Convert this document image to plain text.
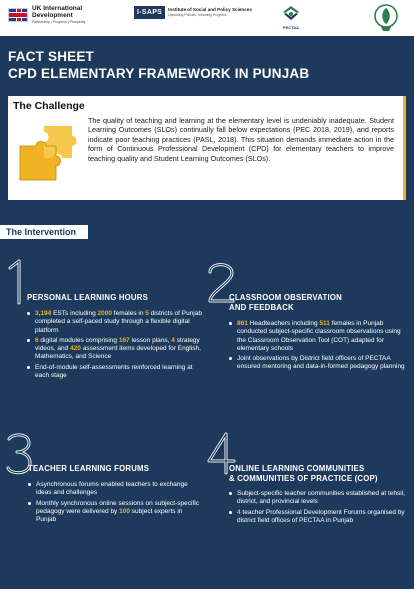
UK International
Development
Partnership | Progress | Prosperity
I-SAPS	Institute of Social and Policy Sciences
Upholding Policies, Informing Progress
PECTAA
FACT SHEET
CPD ELEMENTARY FRAMEWORK IN PUNJAB
The Challenge
The quality of teaching and learning at the elementary level is undeniably inadequate. Student Learning Outcomes (SLOs) continually fall below expectations (PEC 2018, 2019), and reports indicate poor teaching practices (PASL, 2018). This situation demands immediate action in the form of Continuous Professional Development (CPD) for elementary teachers to improve teaching quality and Student Learning Outcomes (SLOs).
The Intervention
PERSONAL LEARNING HOURS
3,194 ESTs including 2000 females in 5 districts of Punjab completed a self-paced study through a flexible digital platform
6 digital modules comprising 167 lesson plans, 4 strategy videos, and 420 assessment items developed for English, Mathematics, and Science
End-of-module self-assessments reinforced learning at each stage
CLASSROOM OBSERVATION
AND FEEDBACK
861 Headteachers including 511 females in Punjab conducted subject-specific classroom observations using the Classroom Observation Tool (COT) adapted for elementary schools
Joint observations by District field officers of PECTAA ensured mentoring and data-in-formed pedagogy planning
TEACHER LEARNING FORUMS
Asynchronous forums enabled teachers to exchange ideas and challenges
Monthly synchronous online sessions on subject-specific pedagogy were delivered by 100 subject experts in Punjab
ONLINE LEARNING COMMUNITIES
& COMMUNITIES OF PRACTICE (COP)
Subject-specific teacher communities established at tehsil, district, and provincial levels
4 teacher Professional Development Forums organised by district field offices of PECTAA in Punjab
